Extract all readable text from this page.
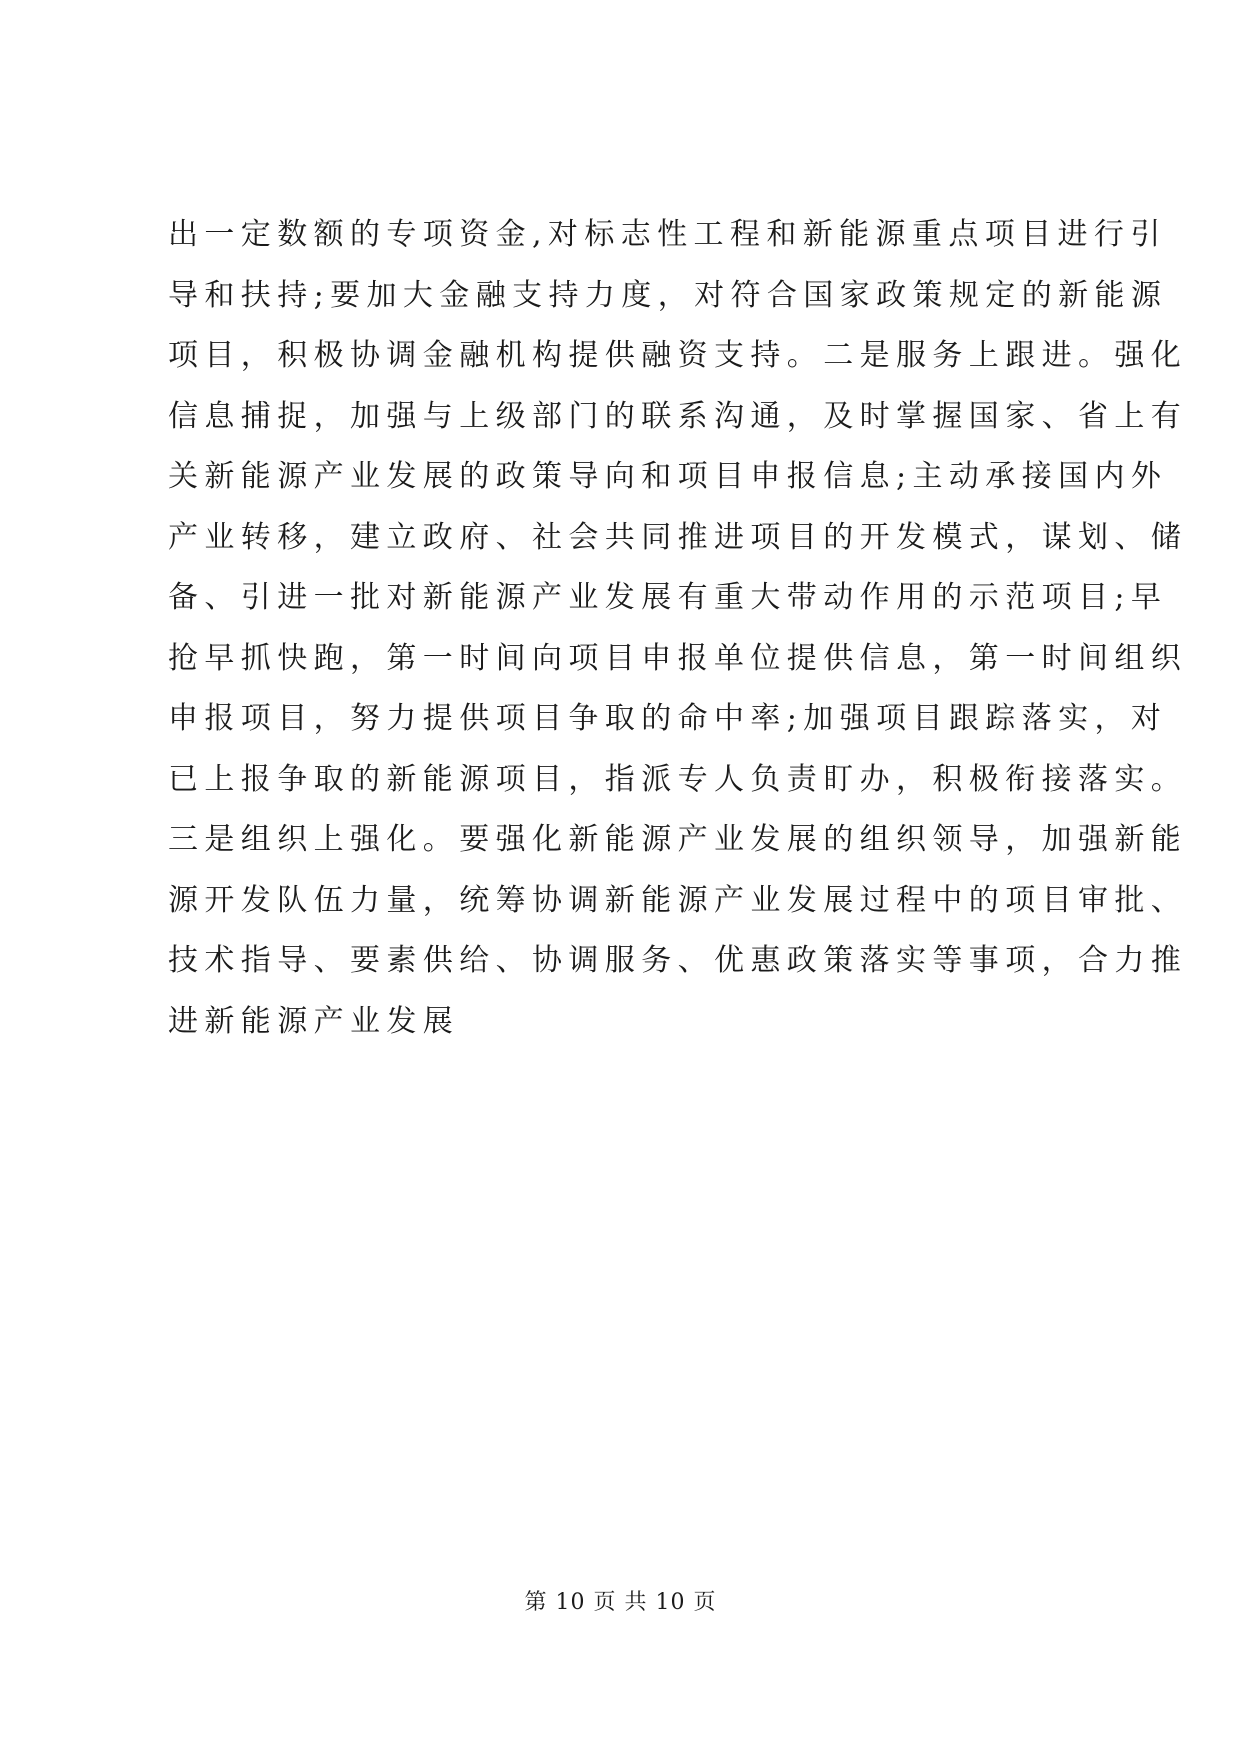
出一定数额的专项资金,对标志性工程和新能源重点项目进行引
导和扶持;要加大金融支持力度，对符合国家政策规定的新能源
项目，积极协调金融机构提供融资支持。二是服务上跟进。强化
信息捕捉，加强与上级部门的联系沟通，及时掌握国家、省上有
关新能源产业发展的政策导向和项目申报信息;主动承接国内外
产业转移，建立政府、社会共同推进项目的开发模式，谋划、储
备、引进一批对新能源产业发展有重大带动作用的示范项目;早
抢早抓快跑，第一时间向项目申报单位提供信息，第一时间组织
申报项目，努力提供项目争取的命中率;加强项目跟踪落实，对
已上报争取的新能源项目，指派专人负责盯办，积极衔接落实。
三是组织上强化。要强化新能源产业发展的组织领导，加强新能
源开发队伍力量，统筹协调新能源产业发展过程中的项目审批、
技术指导、要素供给、协调服务、优惠政策落实等事项，合力推
进新能源产业发展
第 10 页 共 10 页
